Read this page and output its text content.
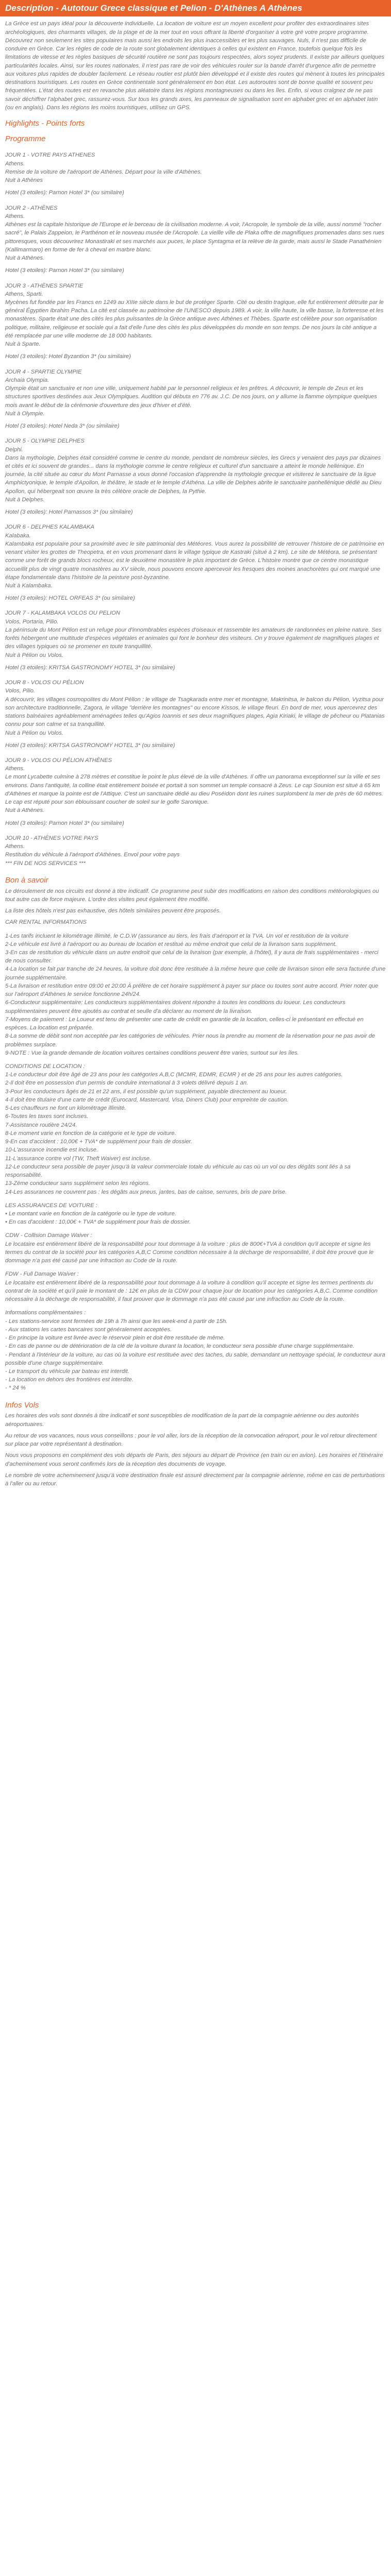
Description - Autotour Grece classique et Pelion - D'Athènes A Athènes

La Grèce est un pays idéal pour la découverte individuelle. La location de voiture est un moyen excellent pour profiter des extraordinaires sites archéologiques, des charmants villages, de la plage et de la mer tout en vous offrant la liberté d'organiser à votre gré votre propre programme. Découvrez non seulement les sites populaires mais aussi les endroits les plus inaccessibles et les plus sauvages. Nuls, il n'est pas difficile de conduire en Grèce. Car les règles de code de la route sont globalement identiques à celles qui existent en France, toutefois quelque fois les limitations de vitesse et les règles basiques de sécurité routière ne sont pas toujours respectées, alors soyez prudents. Il existe par ailleurs quelques particularités locales. Ainsi, sur les routes nationales, il n'est pas rare de voir des véhicules rouler sur la bande d'arrêt d'urgence afin de permettre aux voitures plus rapides de doubler facilement. Le réseau routier est plutôt bien développé et il existe des routes qui mènent à toutes les principales destinations touristiques. Les routes en Grèce continentale sont généralement en bon état. Les autoroutes sont de bonne qualité et souvent peu fréquentées. L'état des routes est en revanche plus aléatoire dans les régions montagneuses ou dans les îles. Enfin, si vous craignez de ne pas savoir déchiffrer l'alphabet grec, rassurez-vous. Sur tous les grands axes, les panneaux de signalisation sont en alphabet grec et en alphabet latin (ou en anglais). Dans les régions les moins touristiques, utilisez un GPS.

Highlights - Points forts
Programme
JOUR 1 - VOTRE PAYS ATHENES
Athens.
Remise de la voiture de l'aéroport de Athènes. Départ pour la ville d'Athènes.
Nuit à Athènes
Hotel (3 etoiles): Parnon Hotel 3* (ou similaire)
JOUR 2 - ATHÈNES
Athens.
Athènes est la capitale historique de l'Europe et le berceau de la civilisation moderne. A voir, l'Acropole, le symbole de la ville, aussi nommé "rocher sacré", le Palais Zappeion, le Parthénon et le nouveau musée de l'Acropole. La vieille ville de Plaka offre de magnifiques promenades dans ses rues pittoresques, vous découvrirez Monastiraki et ses marchés aux puces, le place Syntagma et la relève de la garde, mais aussi le Stade Panathénien (Kallimarmaro) en forme de fer à cheval en marbre blanc.
Nuit à Athènes.
Hotel (3 etoiles): Parnon Hotel 3* (ou similaire)
JOUR 3 - ATHÈNES SPARTIE
Athens, Sparti.
Mycènes fut fondée par les Francs en 1249 au XIIIe siècle dans le but de protéger Sparte. Cité ou destin tragique, elle fut entièrement détruite par le général Égyptien Ibrahim Pacha. La cité est classée au patrimoine de l'UNESCO depuis 1989. A voir, la ville haute, la ville basse, la forteresse et les monastères. Sparte était une des cités les plus puissantes de la Grèce antique avec Athènes et Thèbes. Sparte est célèbre pour son organisation politique, militaire, religieuse et sociale qui a fait d'elle l'une des cités les plus développées du monde en son temps. De nos jours la cité antique a été remplacée par une ville moderne de 18 000 habitants.
Nuit à Sparte.
Hotel (3 etoiles): Hotel Byzantion 3* (ou similaire)
JOUR 4 - SPARTIE OLYMPIE
Archaia Olympia.
Olympie était un sanctuaire et non une ville, uniquement habité par le personnel religieux et les prêtres. A découvrir, le temple de Zeus et les structures sportives destinées aux Jeux Olympiques. Audition qui débuta en 776 av. J.C. De nos jours, on y allume la flamme olympique quelques mois avant le début de la cérémonie d'ouverture des jeux d'hiver et d'été.
Nuit à Olympie.
Hotel (3 etoiles): Hotel Neda 3* (ou similaire)
JOUR 5 - OLYMPIE DELPHES
Delphi.
Dans la mythologie, Delphes était considéré comme le centre du monde, pendant de nombreux siècles, les Grecs y venaient des pays par dizaines et cités et ici souvent de grandes... dans la mythologie comme le centre religieux et culturel d'un sanctuaire a atteint le monde hellénique. En journée, la cité située au cœur du Mont Parnasse a vous donné l'occasion d'apprendre la mythologie grecque et visiterez le sanctuaire de la ligue Amphictyonique, le temple d'Apollon, le théâtre, le stade et le temple d'Athéna. La ville de Delphes abrite le sanctuaire panhellénique dédié au Dieu Apollon, qui hébergeait son œuvre la très célèbre oracle de Delphes, la Pythie.
Nuit à Delphes.
Hotel (3 etoiles): Hotel Parnassos 3* (ou similaire)
JOUR 6 - DELPHES KALAMBAKA
Kalabaka.
Kalambaka est populaire pour sa proximité avec le site patrimonial des Météores. Vous aurez la possibilité de retrouver l'histoire de ce patrimoine en venant visiter les grottes de Theopetra, et en vous promenant dans le village typique de Kastraki (situé à 2 km). Le site de Météora, se présentant comme une forêt de grands blocs rocheux, est le deuxième monastère le plus important de Grèce. L'histoire montre que ce centre monastique accueillit plus de vingt quatre monastères au XV siècle, nous pouvons encore apercevoir les fresques des moines anachorètes qui ont marqué une étape fondamentale dans l'histoire de la peinture post-byzantine.
Nuit à Kalambaka.
Hotel (3 etoiles): HOTEL ORFEAS 3* (ou similaire)
JOUR 7 - KALAMBAKA VOLOS OU PELION
Volos, Portaria, Pilio.
La péninsule du Mont Pélion est un refuge pour d'innombrables espèces d'oiseaux et rassemble les amateurs de randonnées en pleine nature. Ses forêts hébergent une multitude d'espèces végétales et animales qui font le bonheur des visiteurs. On y trouve également de magnifiques plages et des villages typiques où se promener en toute tranquillité.
Nuit à Pélion ou Volos.
Hotel (3 etoiles): KRITSA GASTRONOMY HOTEL 3* (ou similaire)
JOUR 8 - VOLOS OU PÉLION
Volos, Pilio.
A découvrir, les villages cosmopolites du Mont Pélion : le village de Tsagkarada entre mer et montagne, Makrinitsa, le balcon du Pélion, Vyzitsa pour son architecture traditionnelle, Zagora, le village "derrière les montagnes" ou encore Kissos, le village fleuri. En bord de mer, vous apercevrez des stations balnéaires agréablement aménagées telles qu'Agios Ioannis et ses deux magnifiques plages, Agia Kiriaki, le village de pêcheur ou Platanias connu pour son calme et sa tranquillité.
Nuit à Pélion ou Volos.
Hotel (3 etoiles): KRITSA GASTRONOMY HOTEL 3* (ou similaire)
JOUR 9 - VOLOS OU PÉLION ATHÈNES
Athens.
Le mont Lycabette culmine à 278 mètres et constitue le point le plus élevé de la ville d'Athènes. Il offre un panorama exceptionnel sur la ville et ses environs. Dans l'antiquité, la colline était entièrement boisée et portait à son sommet un temple consacré à Zeus. Le cap Sounion est situé à 65 km d'Athènes et marque la pointe est de l'Attique. C'est un sanctuaire dédié au dieu Poséidon dont les ruines surplombent la mer de près de 60 mètres. Le cap est réputé pour son éblouissant coucher de soleil sur le golfe Saronique.
Nuit à Athènes.
Hotel (3 etoiles): Parnon Hotel 3* (ou similaire)
JOUR 10 - ATHÈNES VOTRE PAYS
Athens.
Restitution du véhicule à l'aéroport d'Athènes. Envol pour votre pays
*** FIN DE NOS SERVICES ***
Bon à savoir

Le déroulement de nos circuits est donné à titre indicatif. Ce programme peut subir des modifications en raison des conditions météorologiques ou tout autre cas de force majeure. L'ordre des visites peut également être modifié.

La liste des hôtels n'est pas exhaustive, des hôtels similaires peuvent être proposés.

CAR RENTAL INFORMATIONS

1-Les tarifs incluent le kilométrage illimité, le C.D.W (assurance au tiers, les frais d'aéroport et la TVA. Un vol et restitution de la voiture

2-Le véhicule est livré à l'aéroport ou au bureau de location et restitué au même endroit que celui de la livraison sans supplément.

3-En cas de restitution du véhicule dans un autre endroit que celui de la livraison (par exemple, à l'hôtel), il y aura de frais supplémentaires - merci de nous consulter.

4-La location se fait par tranche de 24 heures, la voiture doit donc être restituée à la même heure que celle de livraison sinon elle sera facturée d'une journée supplémentaire.

5-La livraison et restitution entre 09:00 et 20:00 À préfère de cet horaire supplément à payer sur place ou toutes sont autre accord. Prier noter que sur l'aéroport d'Athènes le service fonctionne 24h/24.

6-Conducteur supplémentaire: Les conducteurs supplémentaires doivent répondre à toutes les conditions du loueur. Les conducteurs supplémentaires peuvent être ajoutés au contrat et seulle d'a déclarer au moment de la livraison.

7-Moyens de paiement : Le Loueur est tenu de présenter une carte de crédit en garantie de la location, celles-ci le présentant en effectué en espèces. La location est préparée.

8-La somme de débit sont non acceptée par les catégories de véhicules. Prier nous la prendre au moment de la réservation pour ne pas avoir de problèmes surplace.

9-NOTE : Vue la grande demande de location voitures certaines conditions peuvent être varies, surtout sur les îles.

CONDITIONS DE LOCATION :

1-Le conducteur doit être âgé de 23 ans pour les catégories A,B,C (MCMR, EDMR, ECMR ) et de 25 ans pour les autres catégories.

2-Il doit être en possession d'un permis de conduire international à 3 volets délivré depuis 1 an.

3-Pour les conducteurs âgés de 21 et 22 ans, il est possible qu'un supplément, payable directement au loueur.

4-Il doit être titulaire d'une carte de crédit (Eurocard, Mastercard, Visa, Diners Club) pour empreinte de caution.

5-Les chauffeurs ne font un kilométrage illimité.

6-Toutes les taxes sont incluses.

7-Assistance routière 24/24.

8-Le moment varie en fonction de la catégorie et le type de voiture.

9-En cas d'accident : 10,00€ + TVA* de supplément pour frais de dossier.

10-L'assurance incendie est incluse.

11-L'assurance contre vol (TW, Theft Waiver) est incluse.

12-Le conducteur sera possible de payer jusqu'à la valeur commerciale totale du véhicule au cas où un vol ou des dégâts sont liés à sa responsabilité.

13-Zéme conducteur sans supplément selon les régions.

14-Les assurances ne couvrent pas : les dégâts aux pneus, jantes, bas de caisse, serrures, bris de pare brise.

LES ASSURANCES DE VOITURE :

• Le montant varie en fonction de la catégorie ou le type de voiture.

• En cas d'accident : 10,00€ + TVA* de supplément pour frais de dossier.

CDW - Collision Damage Waiver :

Le locataire est entièrement libéré de la responsabilité pour tout dommage à la voiture : plus de 800€+TVA à condition qu'il accepte et signe les termes du contrat de la société pour les catégories A,B,C Comme condition nécessaire à la décharge de responsabilité, il doit être prouvé que le dommage n'a pas été causé par une infraction au Code de la route.

FDW - Full Damage Waiver :

Le locataire est entièrement libéré de la responsabilité pour tout dommage à la voiture à condition qu'il accepte et signe les termes pertinents du contrat de la société et qu'il paie le montant de : 12€ en plus de la CDW pour chaque jour de location pour les catégories A,B,C. Comme condition nécessaire à la décharge de responsabilité, il faut prouver que le dommage n'a pas été causé par une infraction au Code de la route.

Informations complémentaires :

- Les stations-service sont fermées de 19h à 7h ainsi que les week-end à partir de 15h.

- Aux stations les cartes bancaires sont généralement acceptées.

- En principe la voiture est livrée avec le réservoir plein et doit être restituée de même.

- En cas de panne ou de détérioration de la clé de la voiture durant la location, le conducteur sera possible d'une charge supplémentaire.

- Pendant à l'intérieur de la voiture, au cas où la voiture est restituée avec des taches, du sable, demandant un nettoyage spécial, le conducteur aura possible d'une charge supplémentaire.

- Le transport du véhicule par bateau est interdit.

- La location en dehors des frontières est interdite.

- * 24 %

Infos Vols

Les horaires des vols sont donnés à titre indicatif et sont susceptibles de modification de la part de la compagnie aérienne ou des autorités aéroportuaires.

Au retour de vos vacances, nous vous conseillons : pour le vol aller, lors de la réception de la convocation aéroport, pour le vol retour directement sur place par votre représentant à destination.

Nous vous proposons en complément des vols départs de Paris, des séjours au départ de Province (en train ou en avion). Les horaires et l'itinéraire d'acheminement vous seront confirmés lors de la réception des documents de voyage.

Le nombre de votre acheminement jusqu'à votre destination finale est assuré directement par la compagnie aérienne, même en cas de perturbations à l'aller ou au retour.
